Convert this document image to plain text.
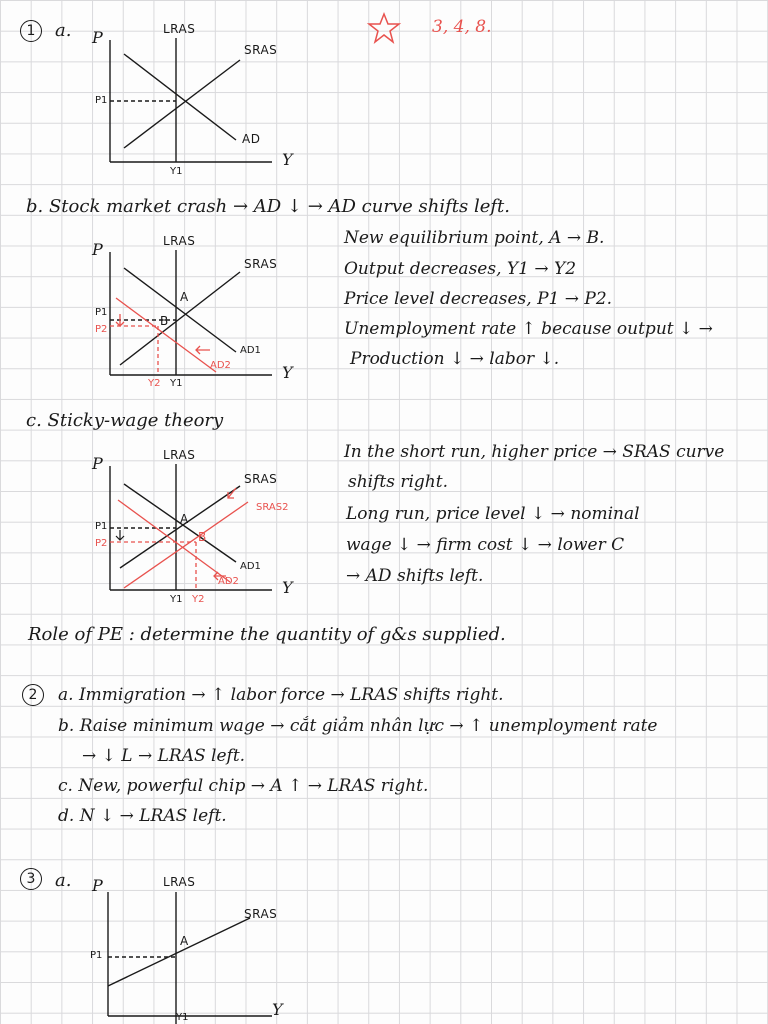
3, 4, 8.
1	a. P	LRAS
SRAS
AD
Y
P1
Y1
b. Stock market crash → AD ↓ → AD curve shifts left.
P	LRAS
SRAS
A
B
P1
P2
Y2 Y1
AD1
AD2	Y
New equilibrium point, A → B.
Output decreases, Y1 → Y2
Price level decreases, P1 → P2.
Unemployment rate ↑ because output ↓ →
Production ↓ → labor ↓.
c. Sticky-wage theory
P	LRAS
SRAS
SRAS2
A
B
P1
P2
Y1 Y2
AD1
AD2	Y
In the short run, higher price → SRAS curve
shifts right.
Long run, price level ↓ → nominal
wage ↓ → firm cost ↓ → lower C
→ AD shifts left.
Role of PE : determine the quantity of g&s supplied.
2	a. Immigration → ↑ labor force → LRAS shifts right.
b. Raise minimum wage → cắt giảm nhân lực → ↑ unemployment rate
→ ↓ L → LRAS left.
c. New, powerful chip → A ↑ → LRAS right.
d. N ↓ → LRAS left.
3	a. P	LRAS
SRAS
A
P1
Y1	Y
